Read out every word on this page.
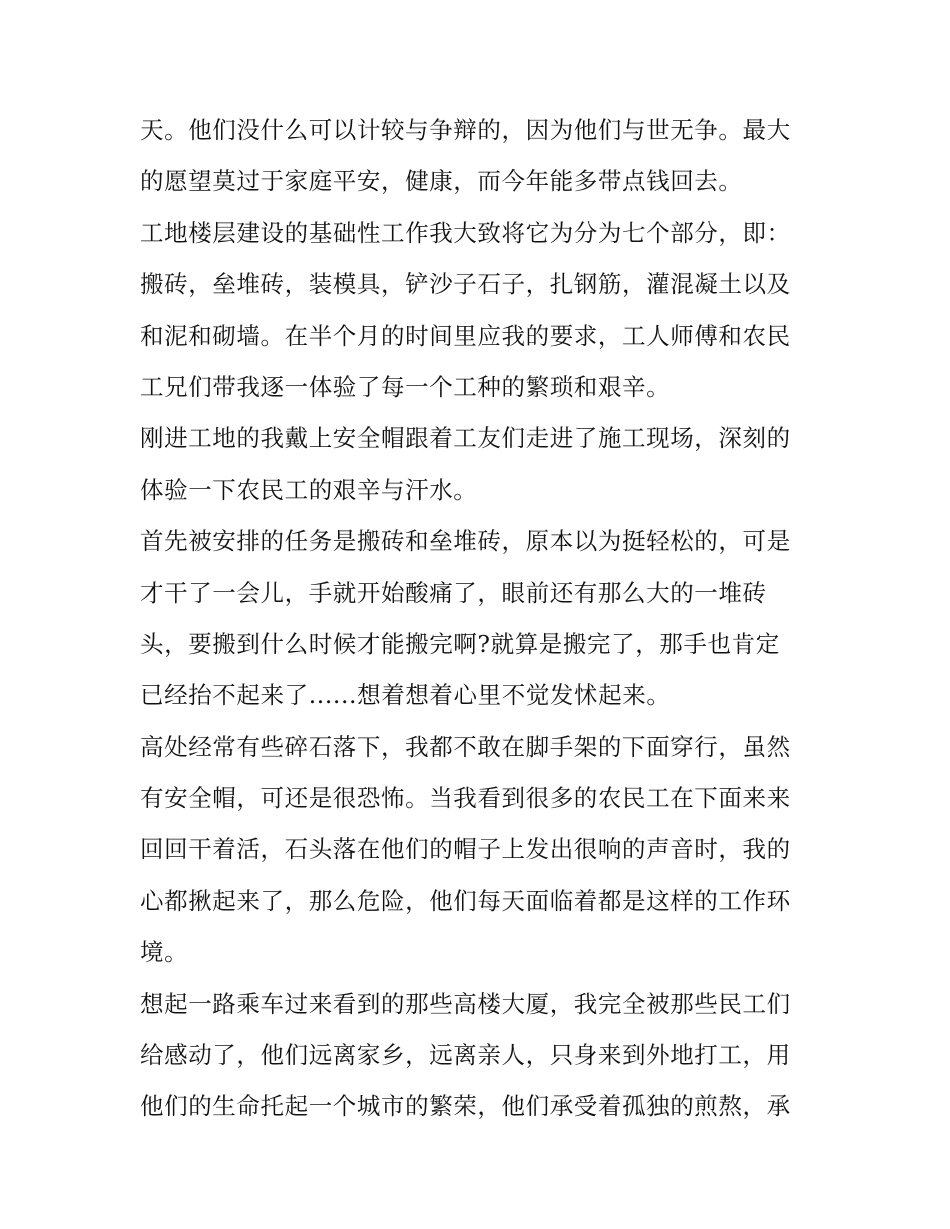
天。他们没什么可以计较与争辩的，因为他们与世无争。最大
的愿望莫过于家庭平安，健康，而今年能多带点钱回去。
工地楼层建设的基础性工作我大致将它为分为七个部分，即：
搬砖，垒堆砖，装模具，铲沙子石子，扎钢筋，灌混凝土以及
和泥和砌墙。在半个月的时间里应我的要求，工人师傅和农民
工兄们带我逐一体验了每一个工种的繁琐和艰辛。
刚进工地的我戴上安全帽跟着工友们走进了施工现场，深刻的
体验一下农民工的艰辛与汗水。
首先被安排的任务是搬砖和垒堆砖，原本以为挺轻松的，可是
才干了一会儿，手就开始酸痛了，眼前还有那么大的一堆砖
头，要搬到什么时候才能搬完啊?就算是搬完了，那手也肯定
已经抬不起来了......想着想着心里不觉发怵起来。
高处经常有些碎石落下，我都不敢在脚手架的下面穿行，虽然
有安全帽，可还是很恐怖。当我看到很多的农民工在下面来来
回回干着活，石头落在他们的帽子上发出很响的声音时，我的
心都揪起来了，那么危险，他们每天面临着都是这样的工作环
境。
想起一路乘车过来看到的那些高楼大厦，我完全被那些民工们
给感动了，他们远离家乡，远离亲人，只身来到外地打工，用
他们的生命托起一个城市的繁荣，他们承受着孤独的煎熬，承
